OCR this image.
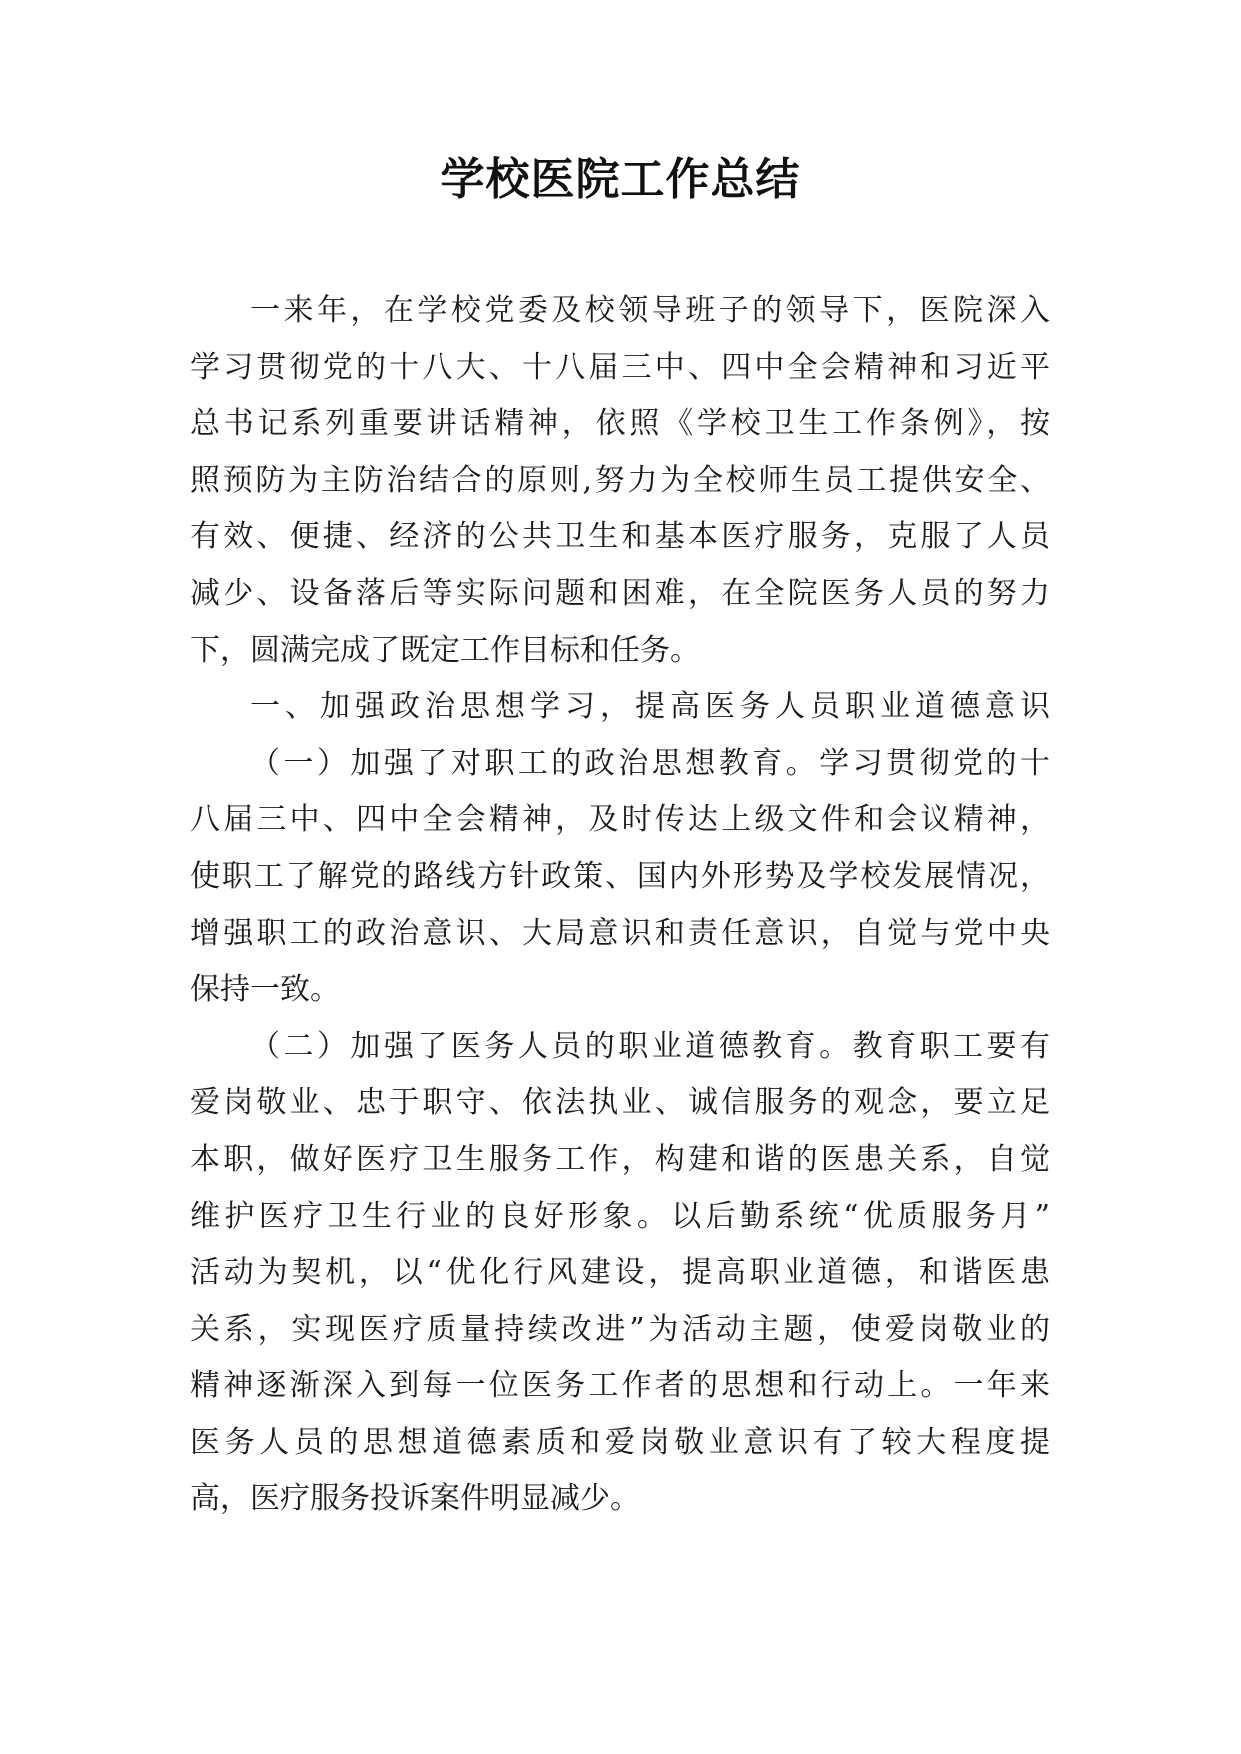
学校医院工作总结
一来年，在学校党委及校领导班子的领导下，医院深入
学习贯彻党的十八大、十八届三中、四中全会精神和习近平
总书记系列重要讲话精神，依照《学校卫生工作条例》，按
照预防为主防治结合的原则,努力为全校师生员工提供安全、
有效、便捷、经济的公共卫生和基本医疗服务，克服了人员
减少、设备落后等实际问题和困难，在全院医务人员的努力
下，圆满完成了既定工作目标和任务。
一、加强政治思想学习，提高医务人员职业道德意识
（一）加强了对职工的政治思想教育。学习贯彻党的十
八届三中、四中全会精神，及时传达上级文件和会议精神，
使职工了解党的路线方针政策、国内外形势及学校发展情况，
增强职工的政治意识、大局意识和责任意识，自觉与党中央
保持一致。
（二）加强了医务人员的职业道德教育。教育职工要有
爱岗敬业、忠于职守、依法执业、诚信服务的观念，要立足
本职，做好医疗卫生服务工作，构建和谐的医患关系，自觉
维护医疗卫生行业的良好形象。以后勤系统“优质服务月”
活动为契机，以“优化行风建设，提高职业道德，和谐医患
关系，实现医疗质量持续改进”为活动主题，使爱岗敬业的
精神逐渐深入到每一位医务工作者的思想和行动上。一年来
医务人员的思想道德素质和爱岗敬业意识有了较大程度提
高，医疗服务投诉案件明显减少。
